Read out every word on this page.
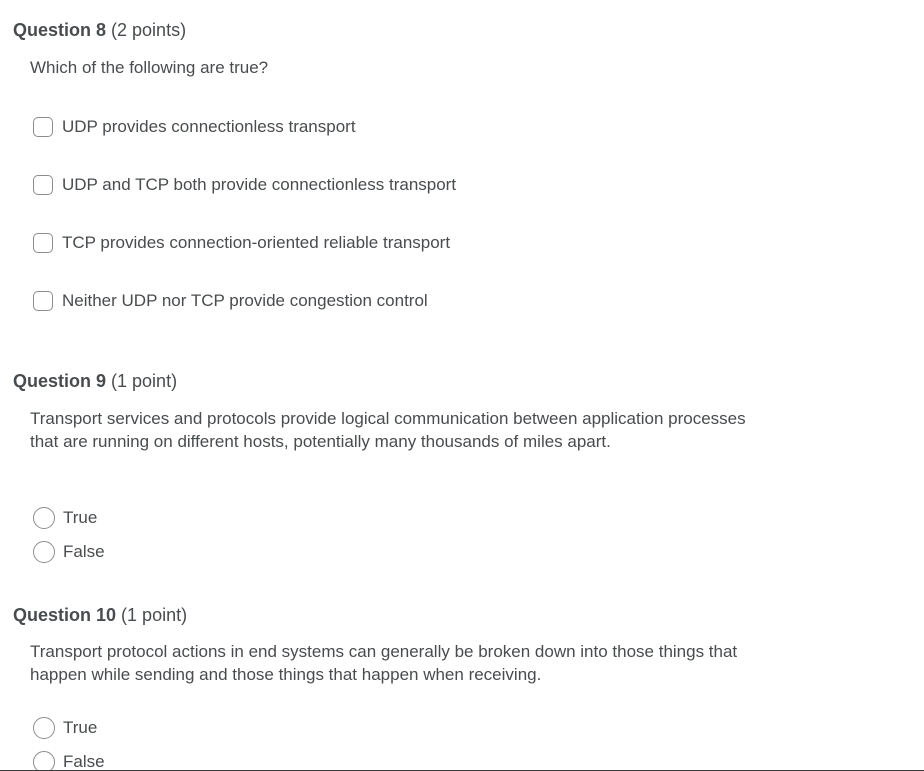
Question 8 (2 points)
Which of the following are true?
UDP provides connectionless transport
UDP and TCP both provide connectionless transport
TCP provides connection-oriented reliable transport
Neither UDP nor TCP provide congestion control
Question 9 (1 point)
Transport services and protocols provide logical communication between application processes that are running on different hosts, potentially many thousands of miles apart.
True
False
Question 10 (1 point)
Transport protocol actions in end systems can generally be broken down into those things that happen while sending and those things that happen when receiving.
True
False
